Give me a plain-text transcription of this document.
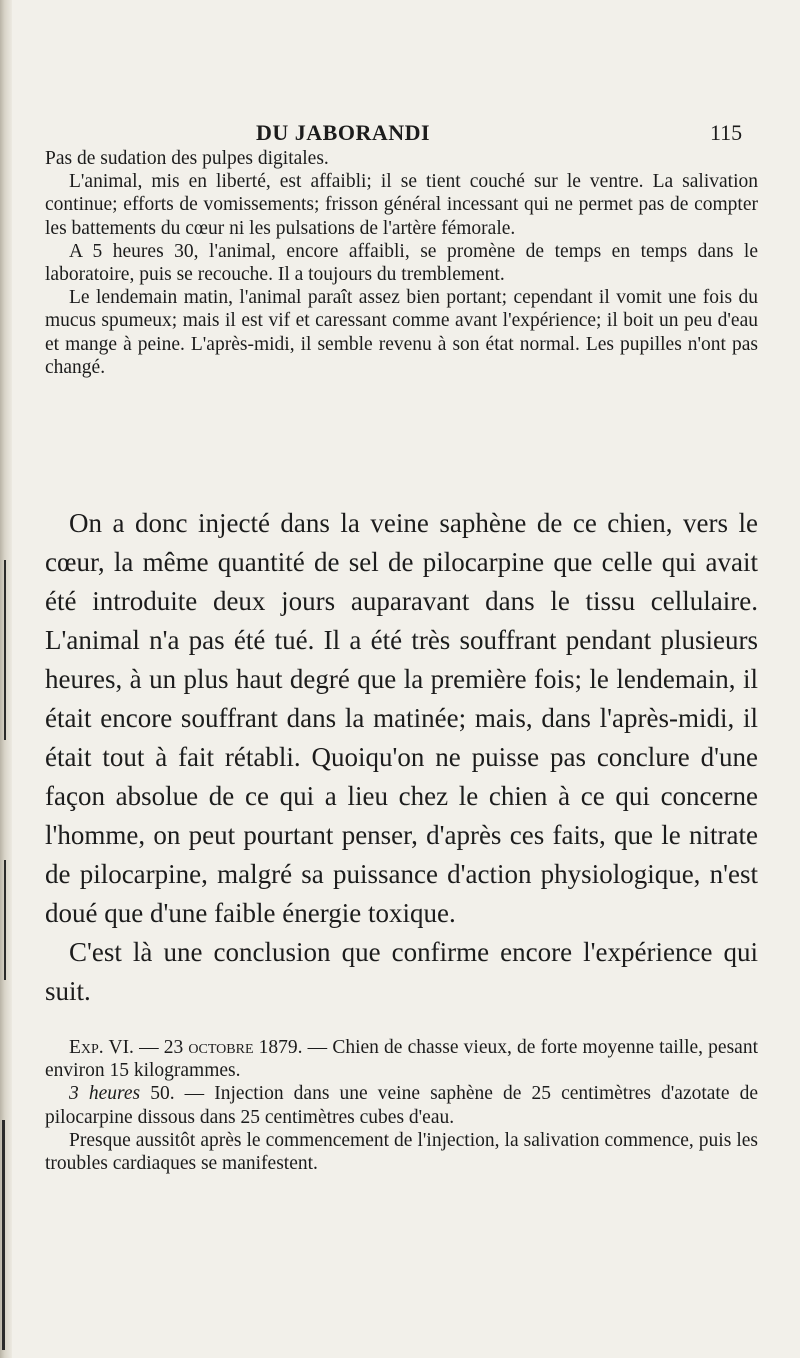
DU JABORANDI	115

Pas de sudation des pulpes digitales.

L'animal, mis en liberté, est affaibli; il se tient couché sur le ventre. La salivation continue; efforts de vomissements; frisson général incessant qui ne permet pas de compter les battements du cœur ni les pulsations de l'artère fémorale.

A 5 heures 30, l'animal, encore affaibli, se promène de temps en temps dans le laboratoire, puis se recouche. Il a toujours du tremblement.

Le lendemain matin, l'animal paraît assez bien portant; cependant il vomit une fois du mucus spumeux; mais il est vif et caressant comme avant l'expérience; il boit un peu d'eau et mange à peine. L'après-midi, il semble revenu à son état normal. Les pupilles n'ont pas changé.

On a donc injecté dans la veine saphène de ce chien, vers le cœur, la même quantité de sel de pilocarpine que celle qui avait été introduite deux jours auparavant dans le tissu cellulaire. L'animal n'a pas été tué. Il a été très souffrant pendant plusieurs heures, à un plus haut degré que la première fois; le lendemain, il était encore souffrant dans la matinée; mais, dans l'après-midi, il était tout à fait rétabli. Quoiqu'on ne puisse pas conclure d'une façon absolue de ce qui a lieu chez le chien à ce qui concerne l'homme, on peut pourtant penser, d'après ces faits, que le nitrate de pilocarpine, malgré sa puissance d'action physiologique, n'est doué que d'une faible énergie toxique.

C'est là une conclusion que confirme encore l'expérience qui suit.

Exp. VI. — 23 octobre 1879. — Chien de chasse vieux, de forte moyenne taille, pesant environ 15 kilogrammes.

3 heures 50. — Injection dans une veine saphène de 25 centimètres d'azotate de pilocarpine dissous dans 25 centimètres cubes d'eau.

Presque aussitôt après le commencement de l'injection, la salivation commence, puis les troubles cardiaques se manifestent.
